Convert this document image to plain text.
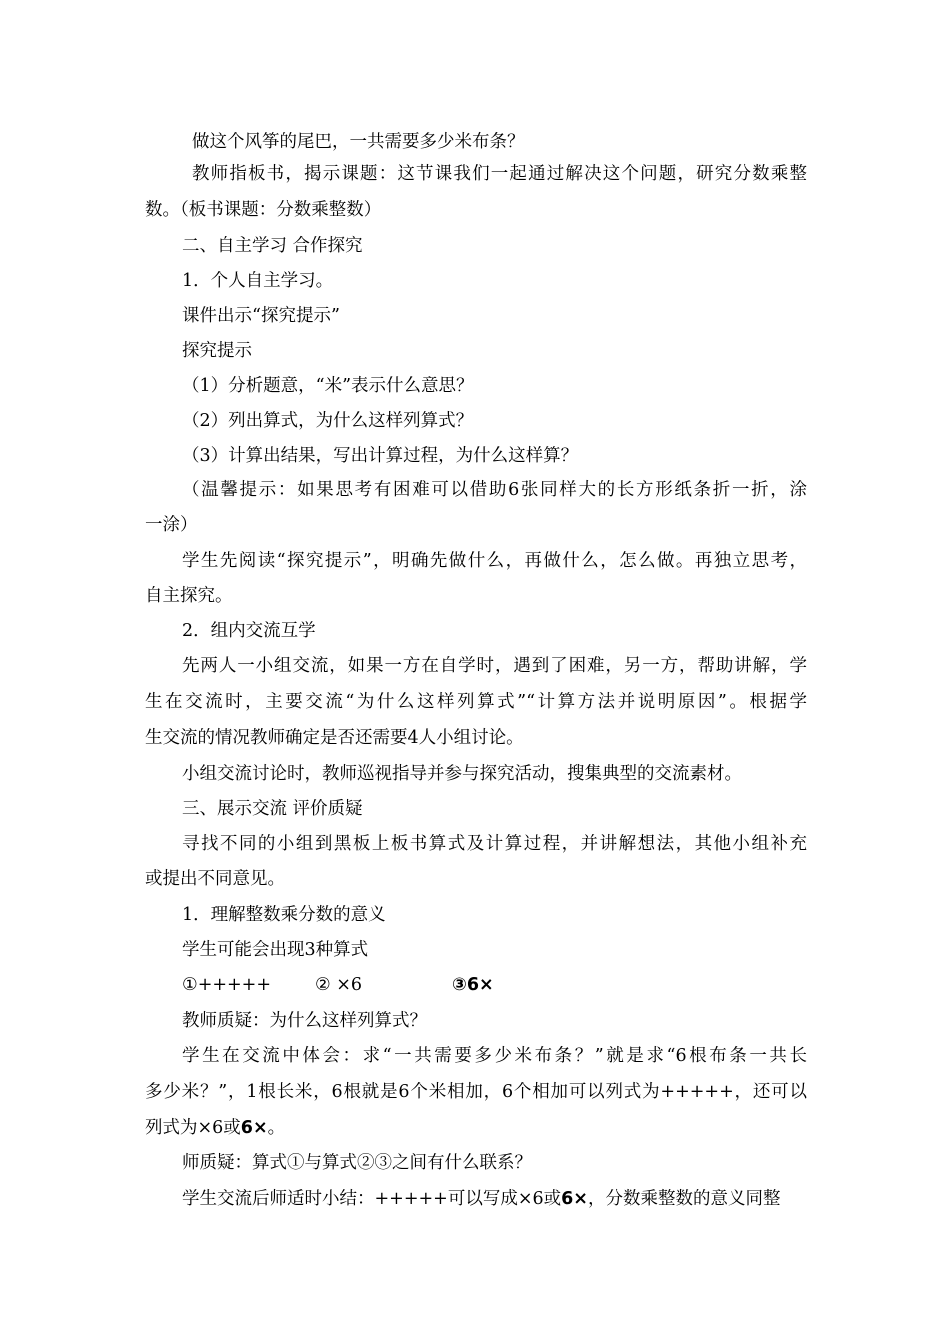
做这个风筝的尾巴，一共需要多少米布条？
教师指板书，揭示课题：这节课我们一起通过解决这个问题，研究分数乘整
数。（板书课题：分数乘整数）
二、自主学习 合作探究
1．个人自主学习。
课件出示“探究提示”
探究提示
（1）分析题意，“米”表示什么意思？
（2）列出算式，为什么这样列算式？
（3）计算出结果，写出计算过程，为什么这样算？
（温馨提示：如果思考有困难可以借助6张同样大的长方形纸条折一折，涂
一涂）
学生先阅读“探究提示”，明确先做什么，再做什么，怎么做。再独立思考，
自主探究。
2．组内交流互学
先两人一小组交流，如果一方在自学时，遇到了困难，另一方，帮助讲解，学
生在交流时，主要交流“为什么这样列算式”“计算方法并说明原因”。根据学
生交流的情况教师确定是否还需要4人小组讨论。
小组交流讨论时，教师巡视指导并参与探究活动，搜集典型的交流素材。
三、展示交流 评价质疑
寻找不同的小组到黑板上板书算式及计算过程，并讲解想法，其他小组补充
或提出不同意见。
1．理解整数乘分数的意义
学生可能会出现3种算式
①+++++	② ×6	③6×
教师质疑：为什么这样列算式？
学生在交流中体会：求“一共需要多少米布条？”就是求“6根布条一共长
多少米？”，1根长米，6根就是6个米相加，6个相加可以列式为+++++，还可以
列式为×6或6×。
师质疑：算式①与算式②③之间有什么联系？
学生交流后师适时小结：+++++可以写成×6或6×，分数乘整数的意义同整
